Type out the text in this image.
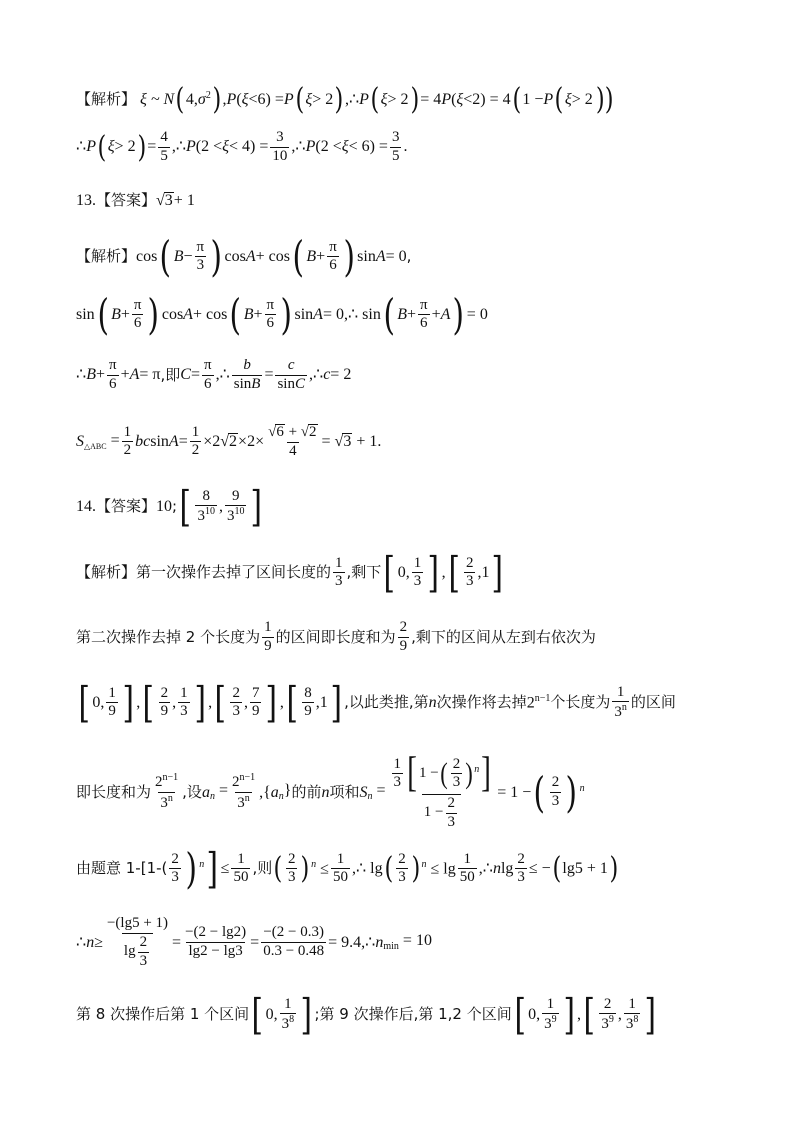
【解析】 ξ ~ N ( 4, σ $^2$ ) , P ( ξ <6) = P ( ξ > 2 ) ,∴ P ( ξ > 2 ) = 4 P ( ξ <2) = 4 ( 1 − P ( ξ > 2 ))
∴ P ( ξ > 2 ) = $\frac{4}{5}$ ,∴ P $(2 < \xi < 4) = \frac{3}{10}$ ,∴ P $(2 < \xi < 6) = \frac{3}{5}$ .
13. 【答案】 √ 3 + 1
【解析】 cos ( $B - \frac{\pi}{3}$ ) cos A + cos ( $B + \frac{\pi}{6}$ ) sin A = 0 ,
sin ( $B + \frac{\pi}{6}$ ) cos A + cos ( $B + \frac{\pi}{6}$ ) sin A = 0,∴ sin ( $B + \frac{\pi}{6} + A$ ) = 0
∴ $B + \frac{\pi}{6} + A = \pi$ ,即 $C = \frac{\pi}{6}$ ,∴ $\frac{b}{\sin B} = \frac{c}{\sin C}$ ,∴ c = 2
S $_{\triangle ABC} = \frac{1}{2}$ bc $\sin A = \frac{1}{2} \times 2√2\times 2\times \frac{√6 + √2}{4} = √3 + 1$.
14. 【答案】 10 ; [ $\frac{8}{3^{10}}$ , $\frac{9}{3^{10}}$ ]
【解析】第一次操作去掉了区间长度的 $\frac{1}{3}$ ,剩下 [ 0, $\frac{1}{3}$ ] , [ $\frac{2}{3} ,1$ ]
第二次操作去掉 2 个长度为 $\frac{1}{9}$ 的区间即长度和为 $\frac{2}{9}$ ,剩下的区间从左到右依次为
[ 0, $\frac{1}{9}$ ] , [ $\frac{2}{9}$ , $\frac{1}{3}$ ] , [ $\frac{2}{3}$ , $\frac{7}{9}$ ] , [ $\frac{8}{9} ,1$ ] ,以此类推,第 n 次操作将去掉 $2^{n-1}$ 个长度为 $\frac{1}{3^n}$ 的区间
即长度和为 $\frac{2^{n-1}}{3^n}$ ,设 a $_n = \frac{2^{n-1}}{3^n}$ ,{ a $_n$} 的前 n 项和 S $_n = \frac{\frac{1}{3} [ 1 - ( \frac{2}{3} ) ^n ]}{1 - \frac{2}{3}} = 1$ − ( $\frac{2}{3}$ ) $^n$
由题意 $1-[1-( \frac{2}{3}$ ) $^n$ ] ≤ $\frac{1}{50}$ ,则 ( $\frac{2}{3}$ ) $^n \le \frac{1}{50}$ ,∴ lg ( $\frac{2}{3}$ ) $^n \le \lg \frac{1}{50}$ ,∴ n $\lg \frac{2}{3}$ ≤ − ( lg5 + 1 )
∴ $n \ge \frac{-(\lg 5 + 1)}{\lg \frac{2}{3}} = \frac{-(2 - \lg 2)}{\lg 2 - \lg 3} = \frac{-(2 - 0.3)}{0.3 - 0.48}$ = 9.4,∴ n $_{min}$ = 10
第 8 次操作后第 1 个区间 [ 0, $\frac{1}{3^8}$ ] ;第 9 次操作后,第 1,2 个区间 [ 0, $\frac{1}{3^9}$ ] , [ $\frac{2}{3^9}$ , $\frac{1}{3^8}$ ]
